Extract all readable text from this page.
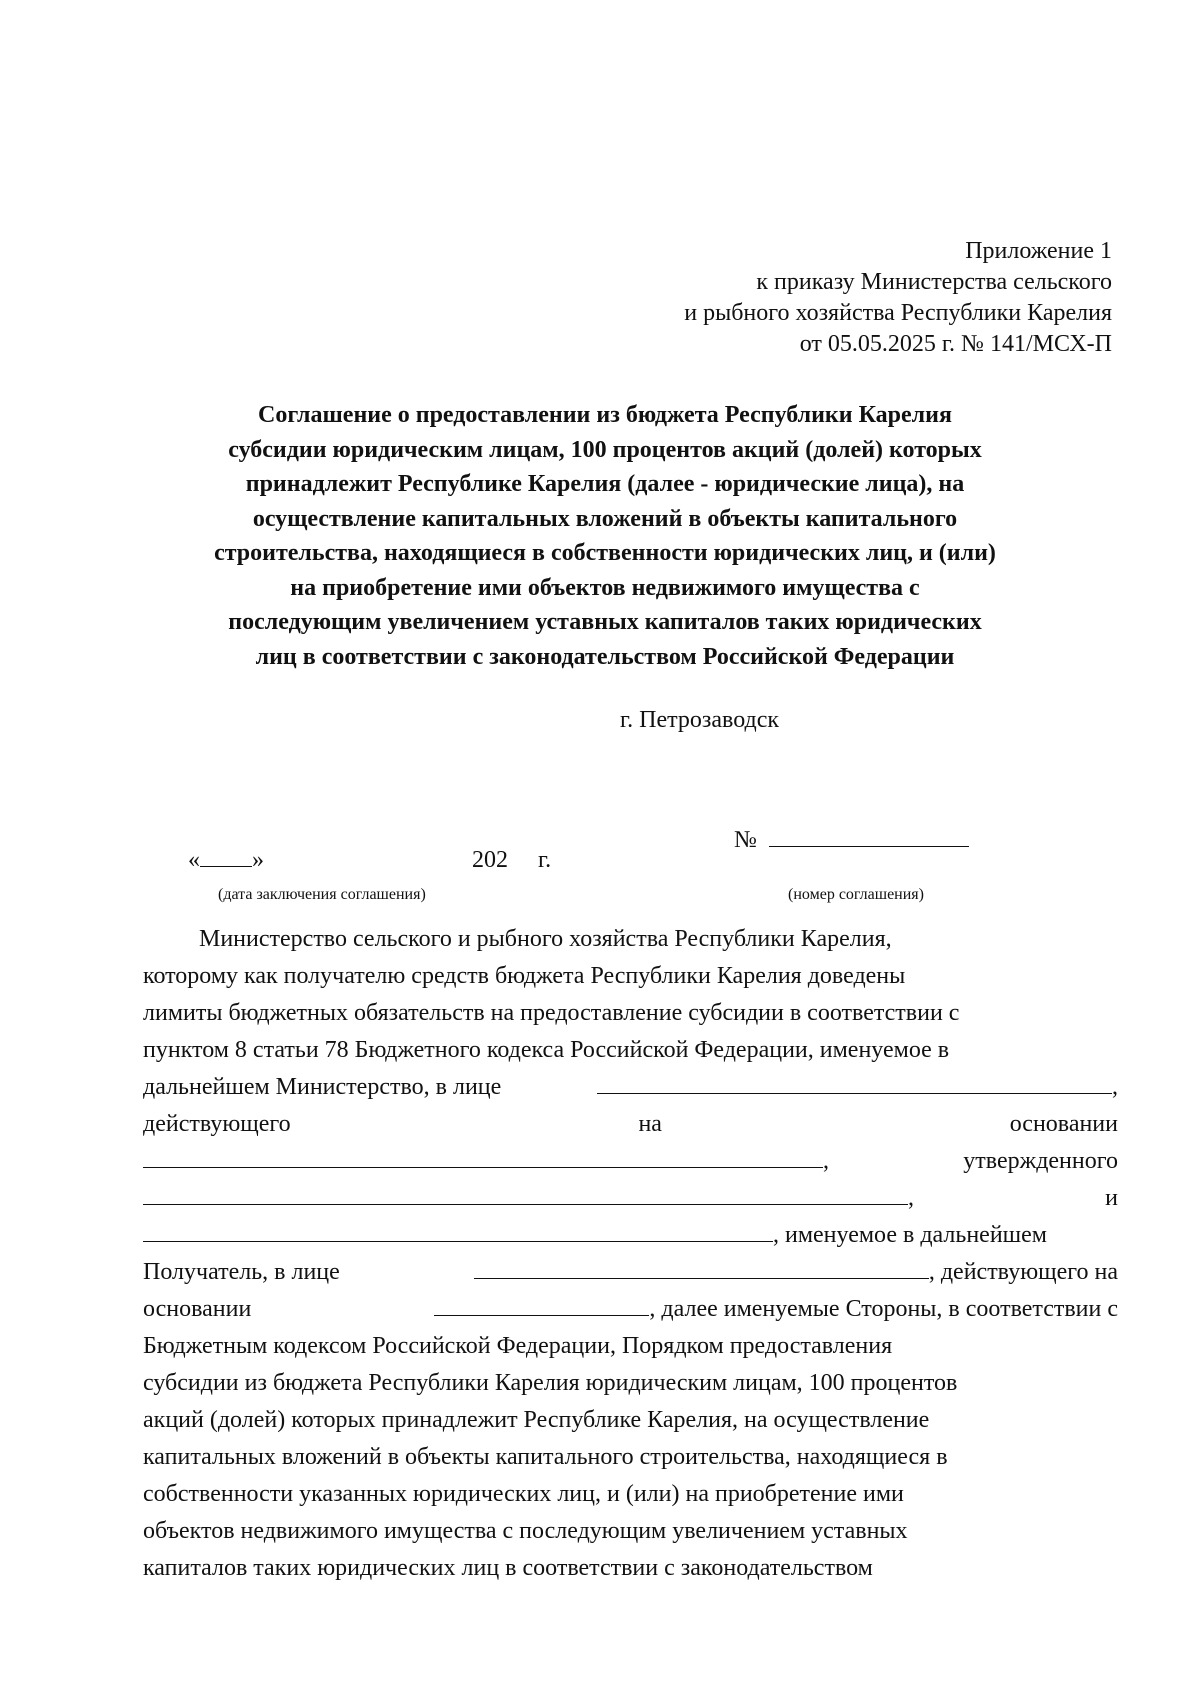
Приложение 1
к приказу Министерства сельского
и рыбного хозяйства Республики Карелия
от 05.05.2025 г. № 141/МСХ-П
Соглашение о предоставлении из бюджета Республики Карелия
субсидии юридическим лицам, 100 процентов акций (долей) которых
принадлежит Республике Карелия (далее - юридические лица), на
осуществление капитальных вложений в объекты капитального
строительства, находящиеся в собственности юридических лиц, и (или)
на приобретение ими объектов недвижимого имущества с
последующим увеличением уставных капиталов таких юридических
лиц в соответствии с законодательством Российской Федерации
г. Петрозаводск
« »	202 г.
№
(дата заключения соглашения)	(номер соглашения)
Министерство сельского и рыбного хозяйства Республики Карелия,
которому как получателю средств бюджета Республики Карелия доведены
лимиты бюджетных обязательств на предоставление субсидии в соответствии с
пунктом 8 статьи 78 Бюджетного кодекса Российской Федерации, именуемое в
дальнейшем Министерство, в лице	,
действующего	на	основании
,	утвержденного
,	и
, именуемое в дальнейшем
Получатель, в лице	, действующего на
основании	, далее именуемые Стороны, в соответствии с
Бюджетным кодексом Российской Федерации, Порядком предоставления
субсидии из бюджета Республики Карелия юридическим лицам, 100 процентов
акций (долей) которых принадлежит Республике Карелия, на осуществление
капитальных вложений в объекты капитального строительства, находящиеся в
собственности указанных юридических лиц, и (или) на приобретение ими
объектов недвижимого имущества с последующим увеличением уставных
капиталов таких юридических лиц в соответствии с законодательством
